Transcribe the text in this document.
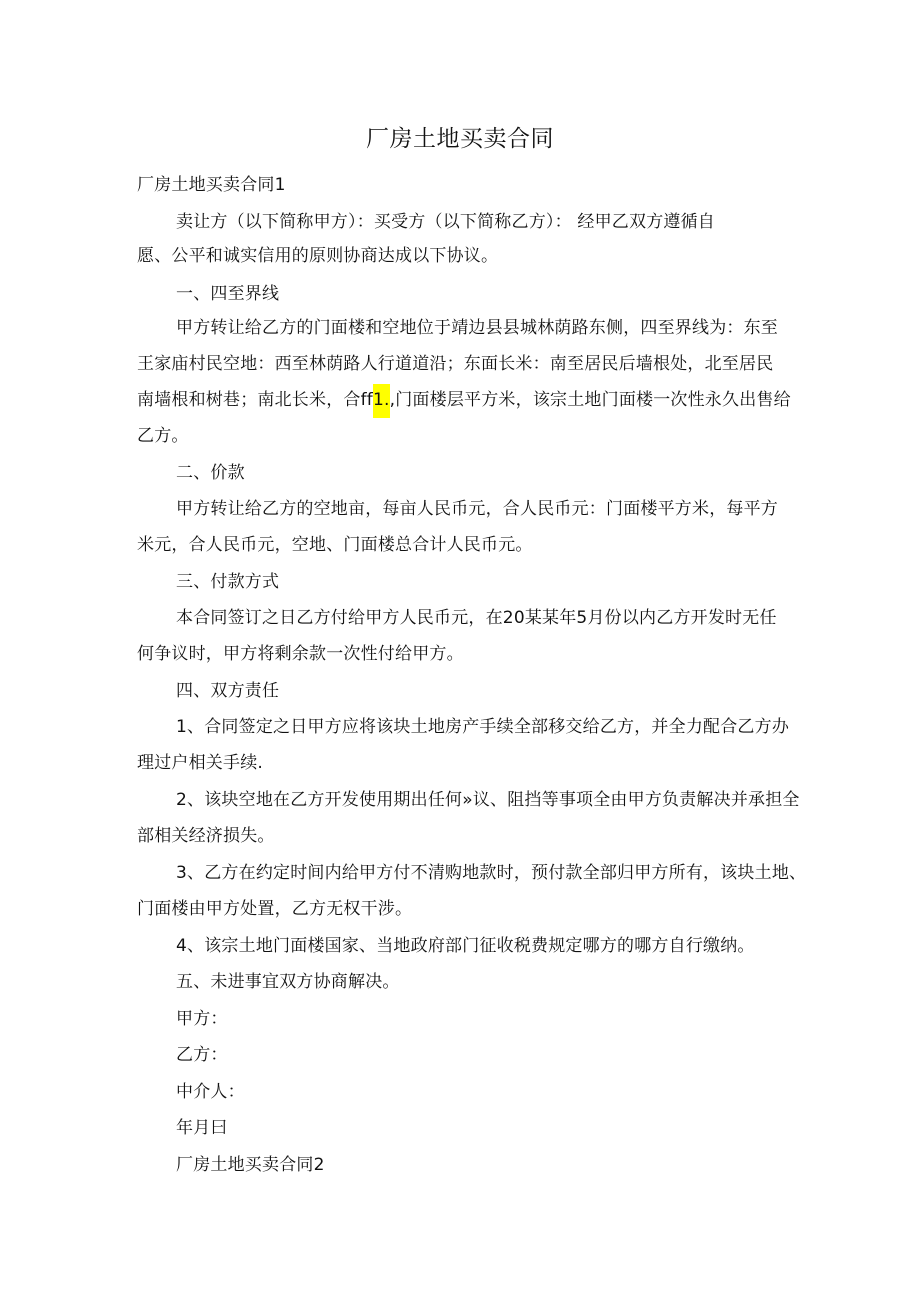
厂房土地买卖合同
厂房土地买卖合同1
卖让方（以下简称甲方）：买受方（以下简称乙方）： 经甲乙双方遵循自
愿、公平和诚实信用的原则协商达成以下协议。
一、四至界线
甲方转让给乙方的门面楼和空地位于靖边县县城林荫路东侧，四至界线为：东至
王家庙村民空地：西至林荫路人行道道沿；东面长米：南至居民后墙根处，北至居民
南墙根和树巷；南北长米，合ff1.,门面楼层平方米，该宗土地门面楼一次性永久出售给
乙方。
二、价款
甲方转让给乙方的空地亩，每亩人民币元，合人民币元：门面楼平方米，每平方
米元，合人民币元，空地、门面楼总合计人民币元。
三、付款方式
本合同签订之日乙方付给甲方人民币元，在20某某年5月份以内乙方开发时无任
何争议时，甲方将剩余款一次性付给甲方。
四、双方责任
1、合同签定之日甲方应将该块土地房产手续全部移交给乙方，并全力配合乙方办
理过户相关手续.
2、该块空地在乙方开发使用期出任何»议、阻挡等事项全由甲方负责解决并承担全
部相关经济损失。
3、乙方在约定时间内给甲方付不清购地款时，预付款全部归甲方所有，该块土地、
门面楼由甲方处置，乙方无权干涉。
4、该宗土地门面楼国家、当地政府部门征收税费规定哪方的哪方自行缴纳。
五、未进事宜双方协商解决。
甲方：
乙方：
中介人：
年月曰
厂房土地买卖合同2
